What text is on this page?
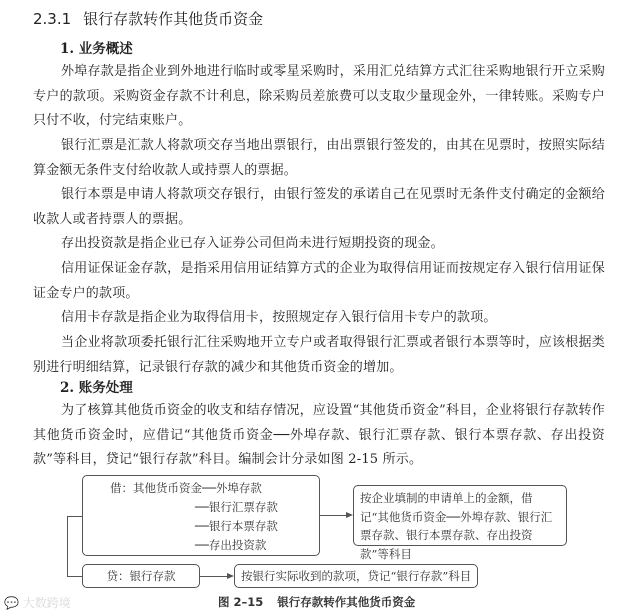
2.3.1 银行存款转作其他货币资金
1. 业务概述
外埠存款是指企业到外地进行临时或零星采购时，采用汇兑结算方式汇往采购地银行开立采购专户的款项。采购资金存款不计利息，除采购员差旅费可以支取少量现金外，一律转账。采购专户只付不收，付完结束账户。
银行汇票是汇款人将款项交存当地出票银行，由出票银行签发的，由其在见票时，按照实际结算金额无条件支付给收款人或持票人的票据。
银行本票是申请人将款项交存银行，由银行签发的承诺自己在见票时无条件支付确定的金额给收款人或者持票人的票据。
存出投资款是指企业已存入证券公司但尚未进行短期投资的现金。
信用证保证金存款，是指采用信用证结算方式的企业为取得信用证而按规定存入银行信用证保证金专户的款项。
信用卡存款是指企业为取得信用卡，按照规定存入银行信用卡专户的款项。
当企业将款项委托银行汇往采购地开立专户或者取得银行汇票或者银行本票等时，应该根据类别进行明细结算，记录银行存款的减少和其他货币资金的增加。
2. 账务处理
为了核算其他货币资金的收支和结存情况，应设置“其他货币资金”科目，企业将银行存款转作其他货币资金时，应借记“其他货币资金──外埠存款、银行汇票存款、银行本票存款、存出投资款”等科目，贷记“银行存款”科目。编制会计分录如图 2-15 所示。
借：其他货币资金──外埠存款
──银行汇票存款
──银行本票存款
──存出投资款
按企业填制的申请单上的金额，借记“其他货币资金──外埠存款、银行汇票存款、银行本票存款、存出投资款”等科目
贷：银行存款	按银行实际收到的款项，贷记“银行存款”科目
图 2–15 银行存款转作其他货币资金
💬 大数跨境
